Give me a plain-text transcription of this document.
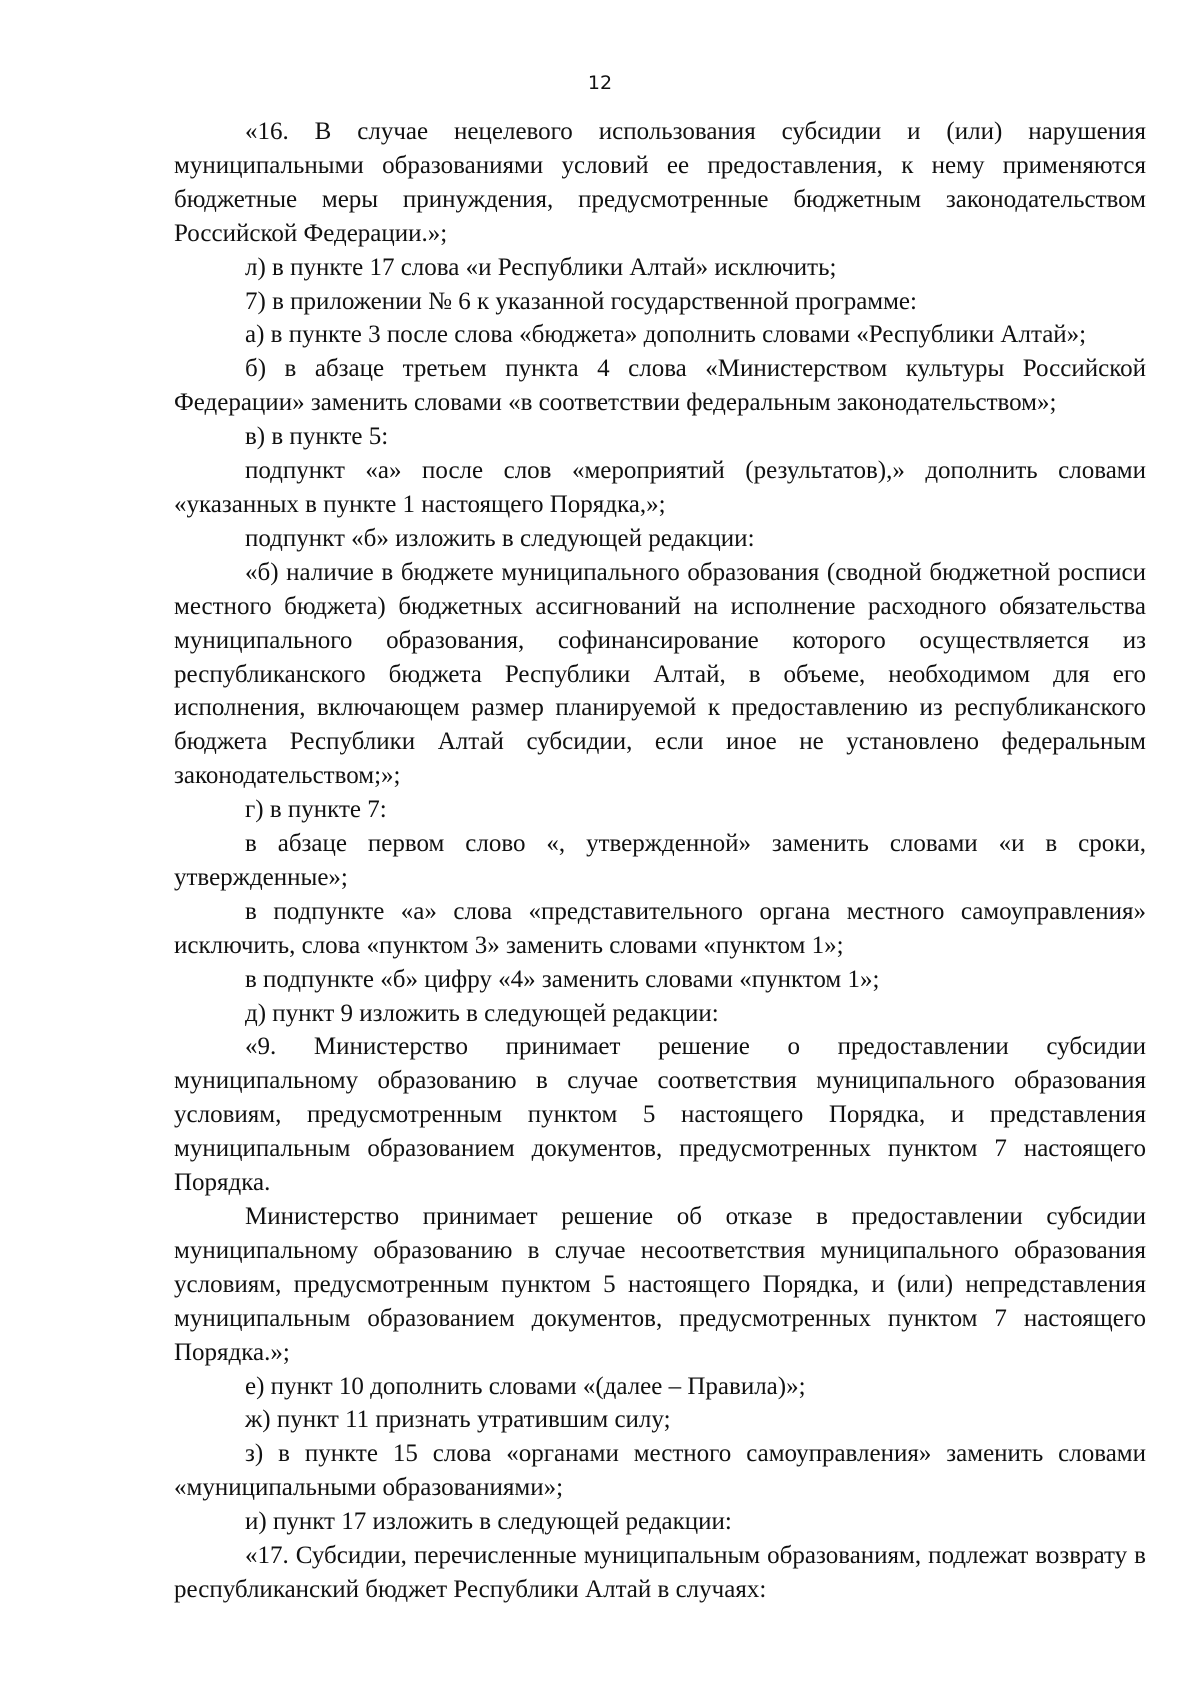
12

«16. В случае нецелевого использования субсидии и (или) нарушения муниципальными образованиями условий ее предоставления, к нему применяются бюджетные меры принуждения, предусмотренные бюджетным законодательством Российской Федерации.»;

л) в пункте 17 слова «и Республики Алтай» исключить;

7) в приложении № 6 к указанной государственной программе:

а) в пункте 3 после слова «бюджета» дополнить словами «Республики Алтай»;

б) в абзаце третьем пункта 4 слова «Министерством культуры Российской Федерации» заменить словами «в соответствии федеральным законодательством»;

в) в пункте 5:

подпункт «а» после слов «мероприятий (результатов),» дополнить словами «указанных в пункте 1 настоящего Порядка,»;

подпункт «б» изложить в следующей редакции:

«б) наличие в бюджете муниципального образования (сводной бюджетной росписи местного бюджета) бюджетных ассигнований на исполнение расходного обязательства муниципального образования, софинансирование которого осуществляется из республиканского бюджета Республики Алтай, в объеме, необходимом для его исполнения, включающем размер планируемой к предоставлению из республиканского бюджета Республики Алтай субсидии, если иное не установлено федеральным законодательством;»;

г) в пункте 7:

в абзаце первом слово «, утвержденной» заменить словами «и в сроки, утвержденные»;

в подпункте «а» слова «представительного органа местного самоуправления» исключить, слова «пунктом 3» заменить словами «пунктом 1»;

в подпункте «б» цифру «4» заменить словами «пунктом 1»;

д) пункт 9 изложить в следующей редакции:

«9. Министерство принимает решение о предоставлении субсидии муниципальному образованию в случае соответствия муниципального образования условиям, предусмотренным пунктом 5 настоящего Порядка, и представления муниципальным образованием документов, предусмотренных пунктом 7 настоящего Порядка.

Министерство принимает решение об отказе в предоставлении субсидии муниципальному образованию в случае несоответствия муниципального образования условиям, предусмотренным пунктом 5 настоящего Порядка, и (или) непредставления муниципальным образованием документов, предусмотренных пунктом 7 настоящего Порядка.»;

е) пункт 10 дополнить словами «(далее – Правила)»;

ж) пункт 11 признать утратившим силу;

з) в пункте 15 слова «органами местного самоуправления» заменить словами «муниципальными образованиями»;

и) пункт 17 изложить в следующей редакции:

«17. Субсидии, перечисленные муниципальным образованиям, подлежат возврату в республиканский бюджет Республики Алтай в случаях:
